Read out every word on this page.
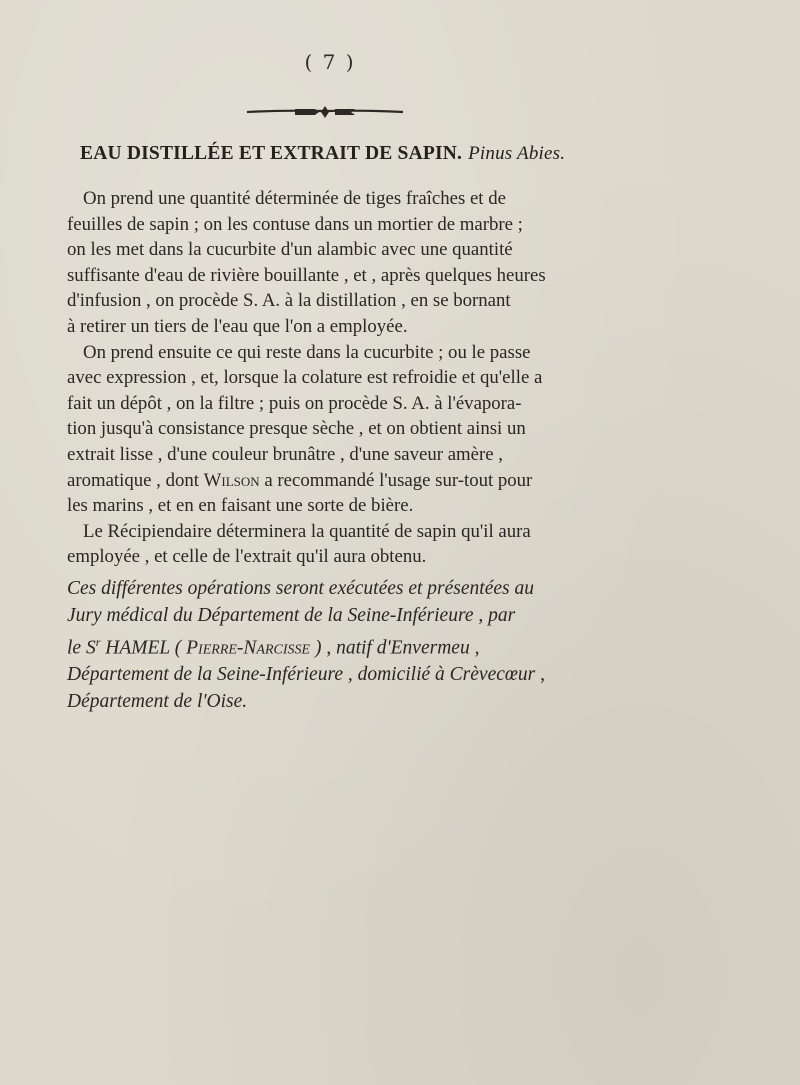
( 7 )
EAU DISTILLÉE ET EXTRAIT DE SAPIN. Pinus Abies.
On prend une quantité déterminée de tiges fraîches et de
feuilles de sapin ; on les contuse dans un mortier de marbre ;
on les met dans la cucurbite d'un alambic avec une quantité
suffisante d'eau de rivière bouillante , et , après quelques heures
d'infusion , on procède S. A. à la distillation , en se bornant
à retirer un tiers de l'eau que l'on a employée.
On prend ensuite ce qui reste dans la cucurbite ; ou le passe
avec expression , et, lorsque la colature est refroidie et qu'elle a
fait un dépôt , on la filtre ; puis on procède S. A. à l'évapora-
tion jusqu'à consistance presque sèche , et on obtient ainsi un
extrait lisse , d'une couleur brunâtre , d'une saveur amère ,
aromatique , dont Wilson a recommandé l'usage sur-tout pour
les marins , et en en faisant une sorte de bière.
Le Récipiendaire déterminera la quantité de sapin qu'il aura
employée , et celle de l'extrait qu'il aura obtenu.
Ces différentes opérations seront exécutées et présentées au
Jury médical du Département de la Seine-Inférieure , par
le $S^r$ HAMEL ( Pierre-Narcisse ) , natif d'Envermeu ,
Département de la Seine-Inférieure , domicilié à Crèvecœur ,
Département de l'Oise.
